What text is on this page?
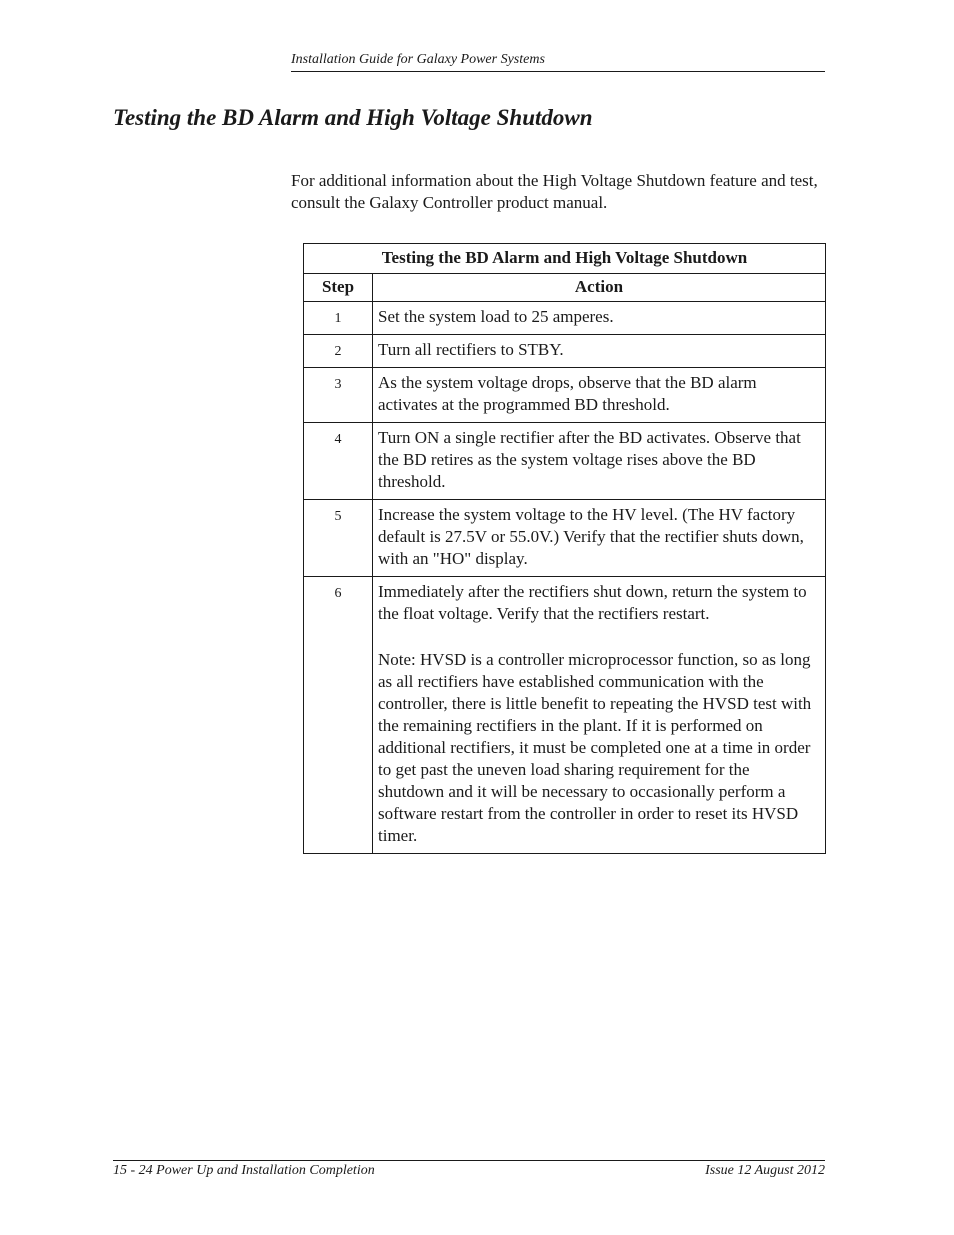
Installation Guide for Galaxy Power Systems
Testing the BD Alarm and High Voltage Shutdown

For additional information about the High Voltage Shutdown feature and test, consult the Galaxy Controller product manual.

Testing the BD Alarm and High Voltage Shutdown	
Step	Action
1	Set the system load to 25 amperes.

2	Turn all rectifiers to STBY.

3	As the system voltage drops, observe that the BD alarm activates at the programmed BD threshold.

4	Turn ON a single rectifier after the BD activates. Observe that the BD retires as the system voltage rises above the BD threshold.

5	Increase the system voltage to the HV level. (The HV factory default is 27.5V or 55.0V.) Verify that the rectifier shuts down, with an "HO" display.

6	Immediately after the rectifiers shut down, return the system to the float voltage. Verify that the rectifiers restart.

Note: HVSD is a controller microprocessor function, so as long as all rectifiers have established communication with the controller, there is little benefit to repeating the HVSD test with the remaining rectifiers in the plant. If it is performed on additional rectifiers, it must be completed one at a time in order to get past the uneven load sharing requirement for the shutdown and it will be necessary to occasionally perform a software restart from the controller in order to reset its HVSD timer.

15 - 24 Power Up and Installation Completion	Issue 12 August 2012
